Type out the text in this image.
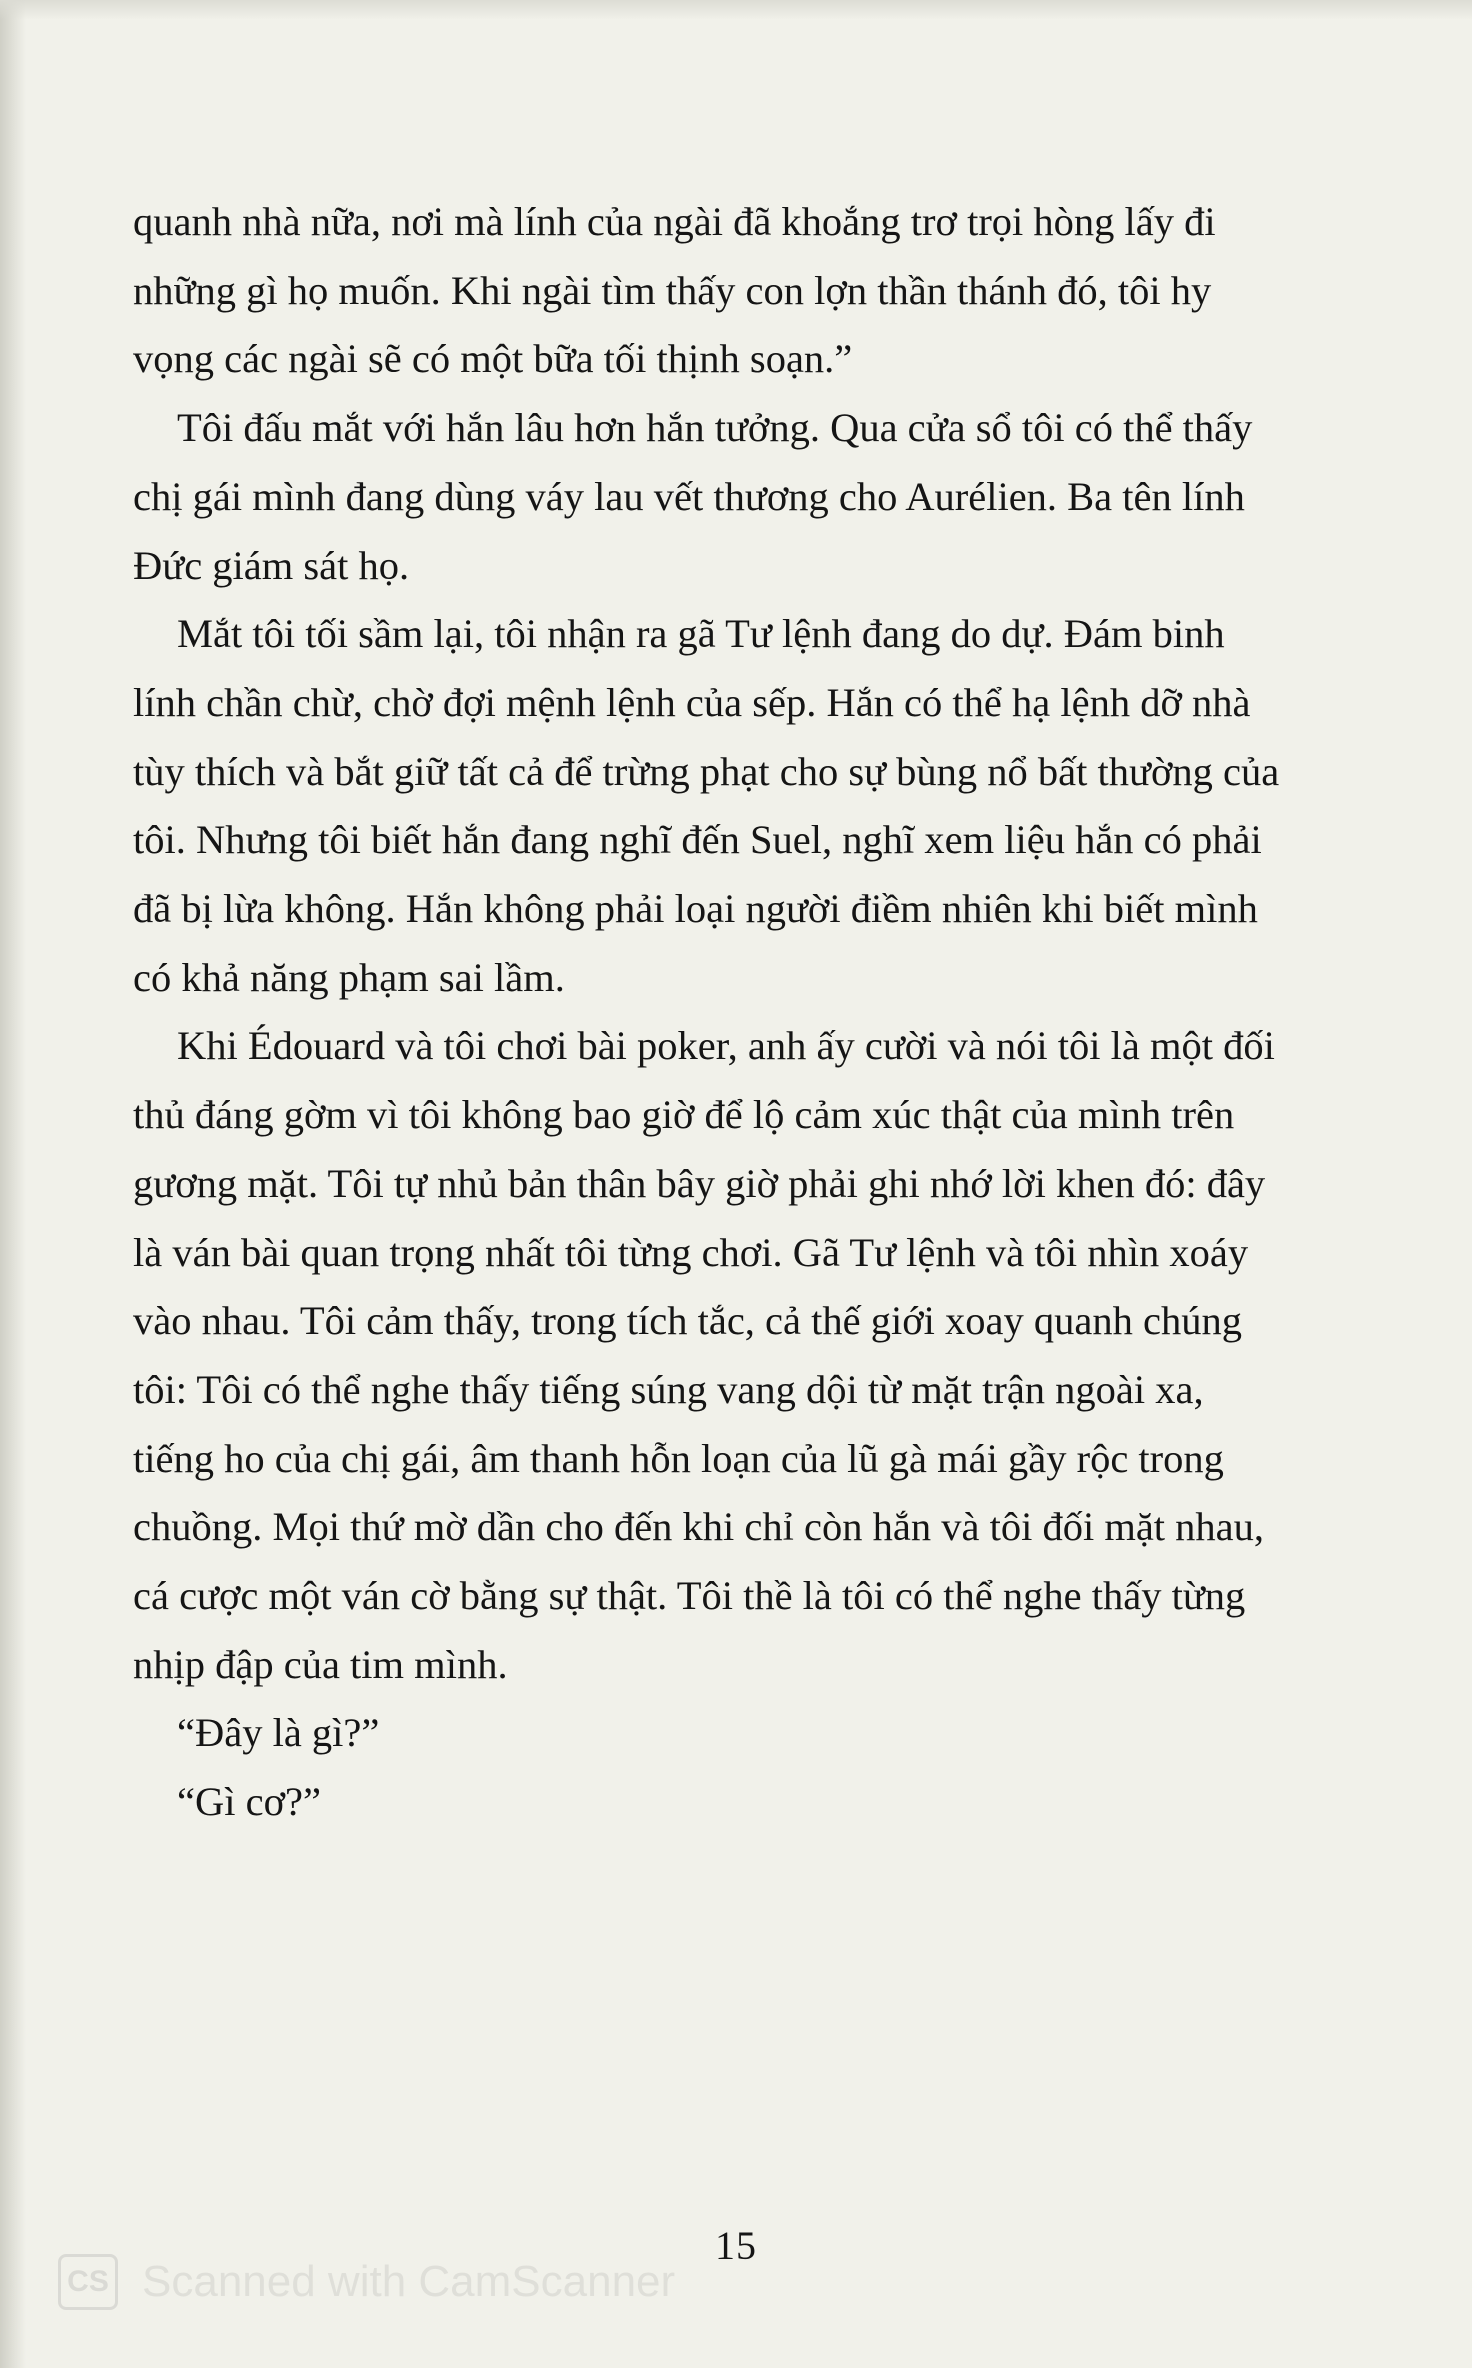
quanh nhà nữa, nơi mà lính của ngài đã khoắng trơ trọi hòng lấy đi những gì họ muốn. Khi ngài tìm thấy con lợn thần thánh đó, tôi hy vọng các ngài sẽ có một bữa tối thịnh soạn.”

Tôi đấu mắt với hắn lâu hơn hắn tưởng. Qua cửa sổ tôi có thể thấy chị gái mình đang dùng váy lau vết thương cho Aurélien. Ba tên lính Đức giám sát họ.

Mắt tôi tối sầm lại, tôi nhận ra gã Tư lệnh đang do dự. Đám binh lính chần chừ, chờ đợi mệnh lệnh của sếp. Hắn có thể hạ lệnh dỡ nhà tùy thích và bắt giữ tất cả để trừng phạt cho sự bùng nổ bất thường của tôi. Nhưng tôi biết hắn đang nghĩ đến Suel, nghĩ xem liệu hắn có phải đã bị lừa không. Hắn không phải loại người điềm nhiên khi biết mình có khả năng phạm sai lầm.

Khi Édouard và tôi chơi bài poker, anh ấy cười và nói tôi là một đối thủ đáng gờm vì tôi không bao giờ để lộ cảm xúc thật của mình trên gương mặt. Tôi tự nhủ bản thân bây giờ phải ghi nhớ lời khen đó: đây là ván bài quan trọng nhất tôi từng chơi. Gã Tư lệnh và tôi nhìn xoáy vào nhau. Tôi cảm thấy, trong tích tắc, cả thế giới xoay quanh chúng tôi: Tôi có thể nghe thấy tiếng súng vang dội từ mặt trận ngoài xa, tiếng ho của chị gái, âm thanh hỗn loạn của lũ gà mái gầy rộc trong chuồng. Mọi thứ mờ dần cho đến khi chỉ còn hắn và tôi đối mặt nhau, cá cược một ván cờ bằng sự thật. Tôi thề là tôi có thể nghe thấy từng nhịp đập của tim mình.

“Đây là gì?”

“Gì cơ?”

15
CS Scanned with CamScanner
